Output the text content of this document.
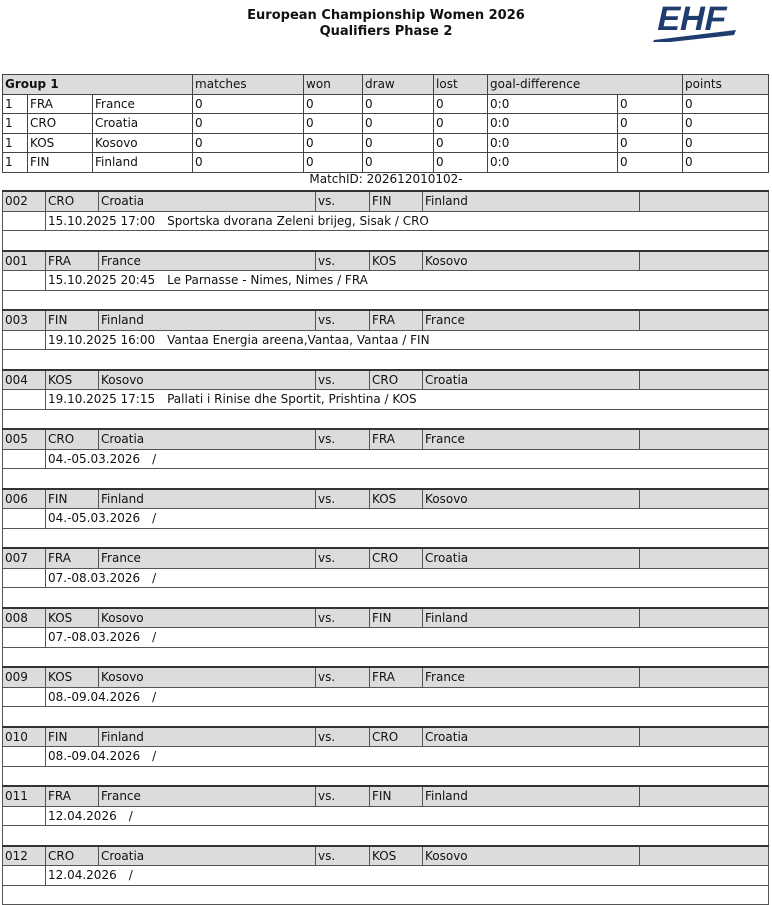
European Championship Women 2026
Qualifiers Phase 2	EHF
Group 1			matches	won	draw	lost	goal-difference		points
1	FRA	France	0	0	0	0	0:0	0	0
1	CRO	Croatia	0	0	0	0	0:0	0	0
1	KOS	Kosovo	0	0	0	0	0:0	0	0
1	FIN	Finland	0	0	0	0	0:0	0	0
MatchID: 202612010102-
002	CRO	Croatia	vs.	FIN	Finland	
	15.10.2025 17:00 Sportska dvorana Zeleni brijeg, Sisak / CRO					

001	FRA	France	vs.	KOS	Kosovo	
	15.10.2025 20:45 Le Parnasse - Nimes, Nimes / FRA					

003	FIN	Finland	vs.	FRA	France	
	19.10.2025 16:00 Vantaa Energia areena,Vantaa, Vantaa / FIN					

004	KOS	Kosovo	vs.	CRO	Croatia	
	19.10.2025 17:15 Pallati i Rinise dhe Sportit, Prishtina / KOS					

005	CRO	Croatia	vs.	FRA	France	
	04.-05.03.2026 /					

006	FIN	Finland	vs.	KOS	Kosovo	
	04.-05.03.2026 /					

007	FRA	France	vs.	CRO	Croatia	
	07.-08.03.2026 /					

008	KOS	Kosovo	vs.	FIN	Finland	
	07.-08.03.2026 /					

009	KOS	Kosovo	vs.	FRA	France	
	08.-09.04.2026 /					

010	FIN	Finland	vs.	CRO	Croatia	
	08.-09.04.2026 /					

011	FRA	France	vs.	FIN	Finland	
	12.04.2026 /					

012	CRO	Croatia	vs.	KOS	Kosovo	
	12.04.2026 /					
